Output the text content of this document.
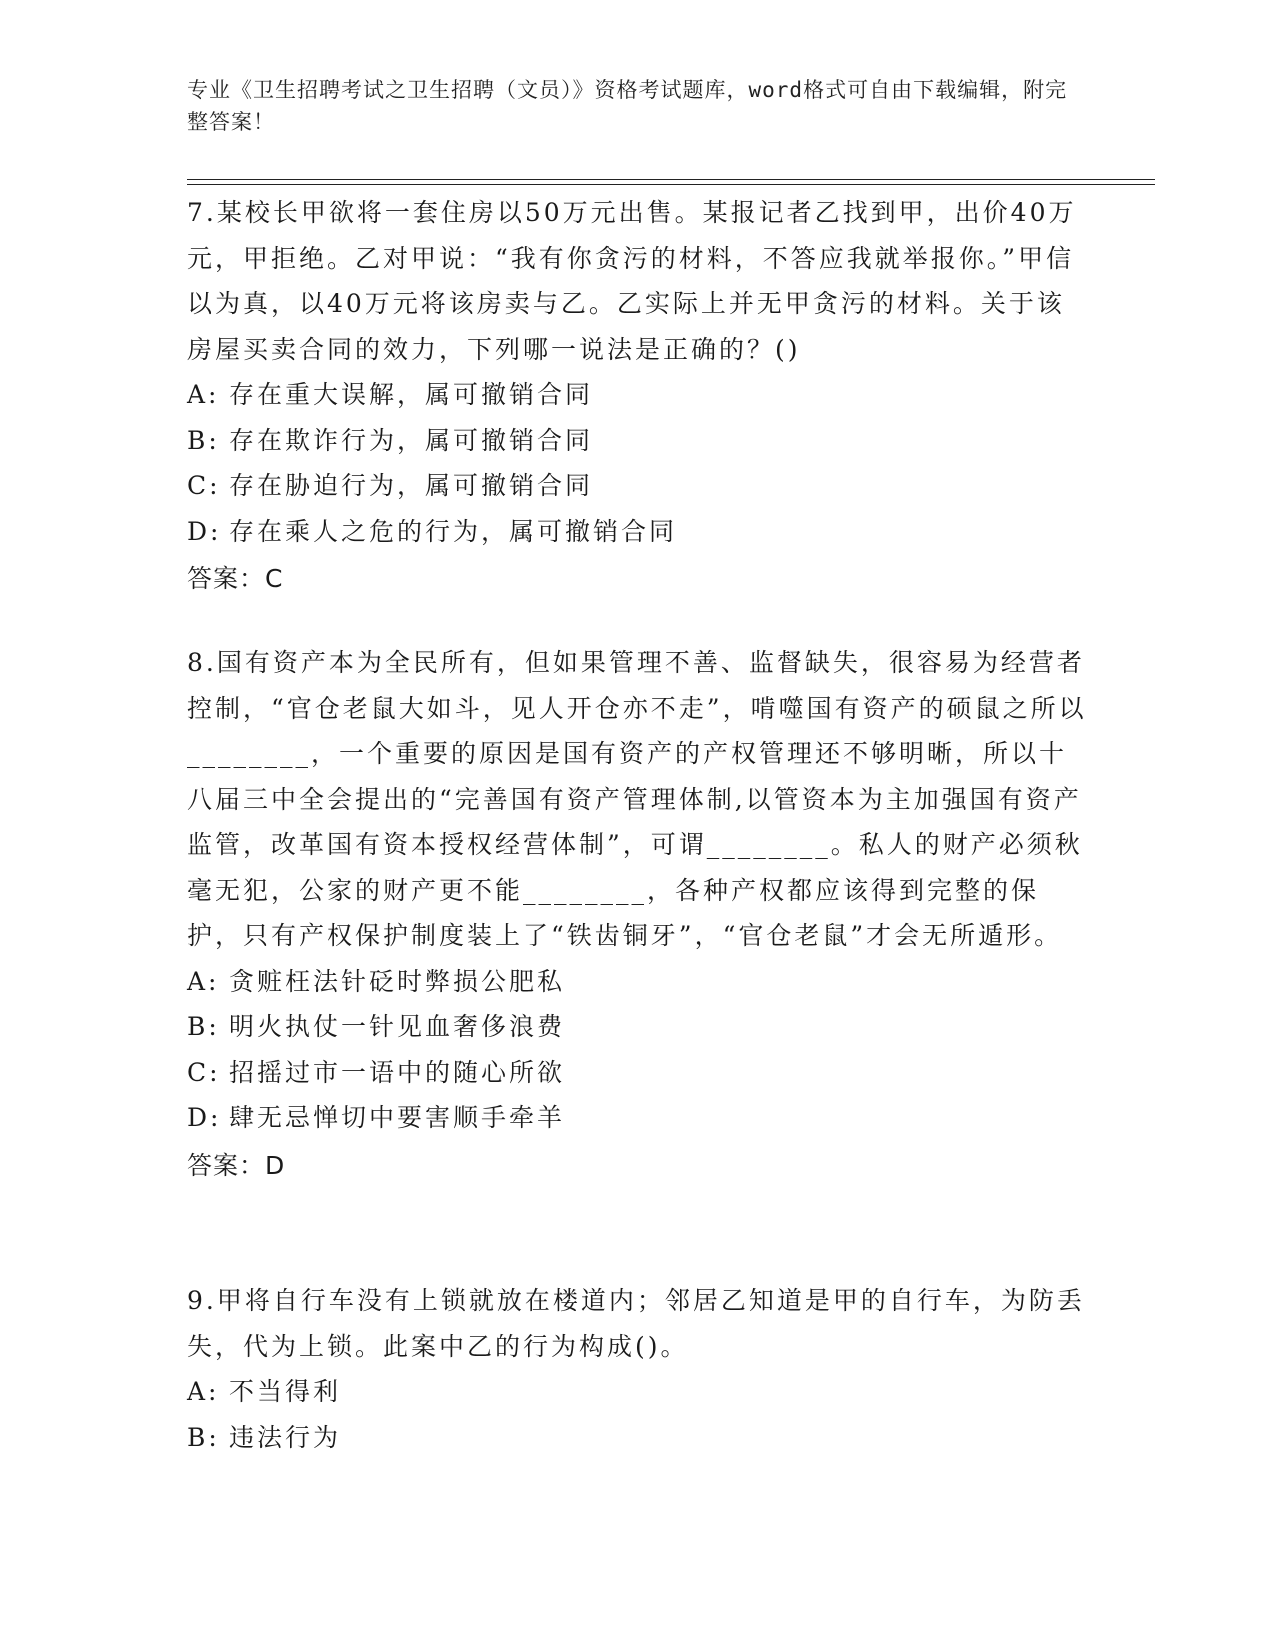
专业《卫生招聘考试之卫生招聘（文员）》资格考试题库，word格式可自由下载编辑，附完整答案！

7.某校长甲欲将一套住房以50万元出售。某报记者乙找到甲，出价40万元，甲拒绝。乙对甲说：“我有你贪污的材料，不答应我就举报你。”甲信以为真，以40万元将该房卖与乙。乙实际上并无甲贪污的材料。关于该房屋买卖合同的效力，下列哪一说法是正确的？()

A: 存在重大误解，属可撤销合同
B: 存在欺诈行为，属可撤销合同
C: 存在胁迫行为，属可撤销合同
D: 存在乘人之危的行为，属可撤销合同
答案：C

8.国有资产本为全民所有，但如果管理不善、监督缺失，很容易为经营者控制，“官仓老鼠大如斗，见人开仓亦不走”，啃噬国有资产的硕鼠之所以________，一个重要的原因是国有资产的产权管理还不够明晰，所以十八届三中全会提出的“完善国有资产管理体制,以管资本为主加强国有资产监管，改革国有资本授权经营体制”，可谓________。私人的财产必须秋毫无犯，公家的财产更不能________，各种产权都应该得到完整的保护，只有产权保护制度装上了“铁齿铜牙”，“官仓老鼠”才会无所遁形。

A: 贪赃枉法针砭时弊损公肥私
B: 明火执仗一针见血奢侈浪费
C: 招摇过市一语中的随心所欲
D: 肆无忌惮切中要害顺手牵羊
答案：D

9.甲将自行车没有上锁就放在楼道内；邻居乙知道是甲的自行车，为防丢失，代为上锁。此案中乙的行为构成()。

A: 不当得利
B: 违法行为
